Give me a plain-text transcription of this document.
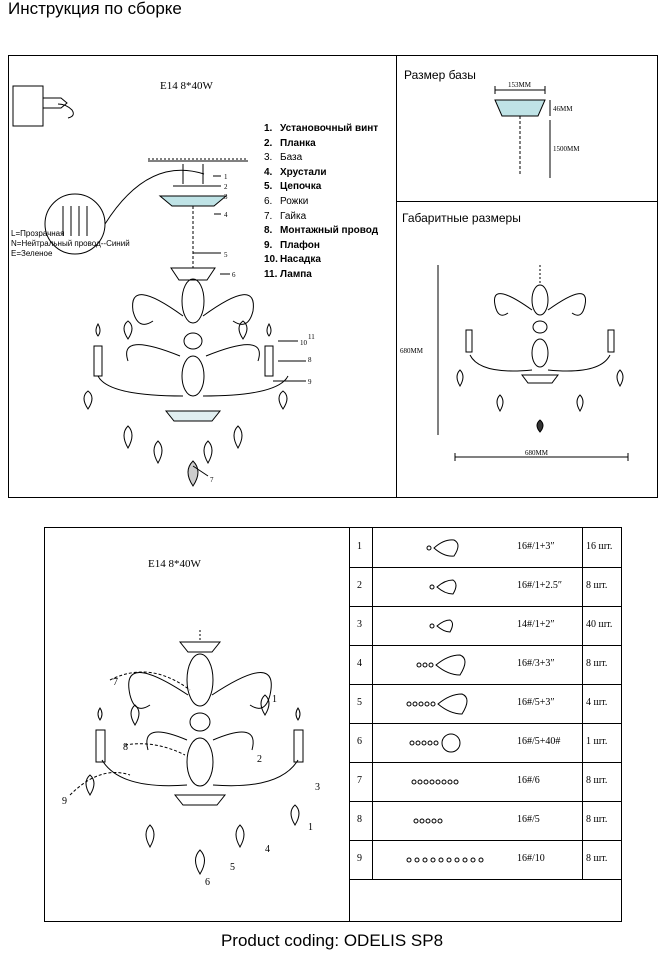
Инструкция по сборке
E14 8*40W
1. Установочный винт
2. Планка
3. База
4. Хрустали
5. Цепочка
6. Рожки
7. Гайка
8. Монтажный провод
9. Плафон
10. Насадка
11. Лампа
L=Прозрачная
N=Нейтральный провод--Синий
E=Зеленое
1
2
3
4
5
6
7
8
9
10
11
Размер базы
153MM
46MM
1500MM
Габаритные размеры
680MM
680MM
E14 8*40W
1
2
3
1
4
5
6
7
8
9
1	16#/1+3″	16 шт.
2	16#/1+2.5″ 8 шт.
3	14#/1+2″	40 шт.
4	16#/3+3″	8 шт.
5	16#/5+3″	4 шт.
6	16#/5+40#	1 шт.
7	16#/6	8 шт.
8	16#/5	8 шт.
9	16#/10	8 шт.
Product coding: ODELIS SP8
